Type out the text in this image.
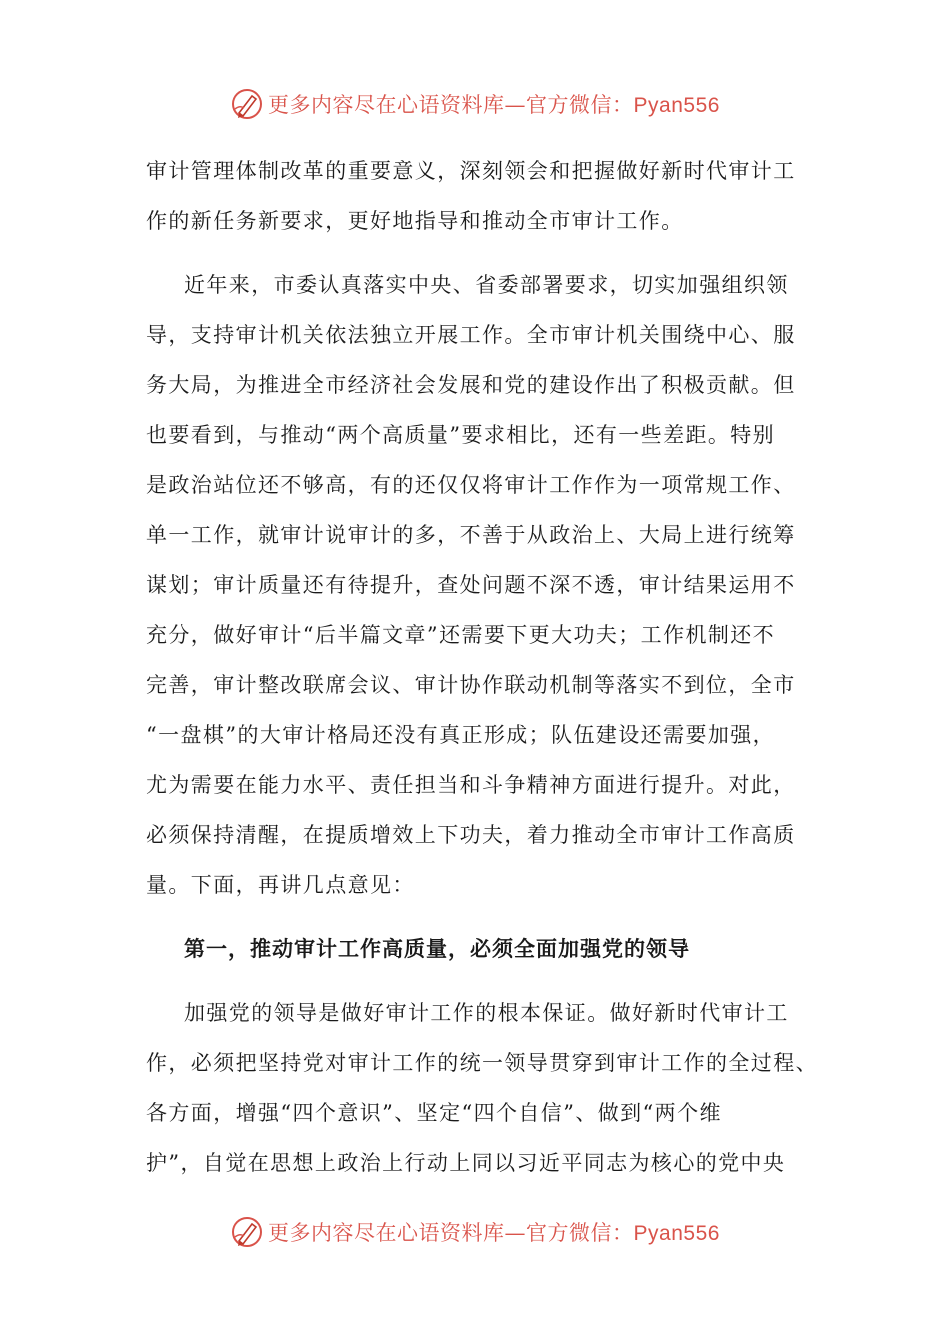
更多内容尽在心语资料库—官方微信：Pyan556
审计管理体制改革的重要意义，深刻领会和把握做好新时代审计工
作的新任务新要求，更好地指导和推动全市审计工作。
近年来，市委认真落实中央、省委部署要求，切实加强组织领
导，支持审计机关依法独立开展工作。全市审计机关围绕中心、服
务大局，为推进全市经济社会发展和党的建设作出了积极贡献。但
也要看到，与推动“两个高质量”要求相比，还有一些差距。特别
是政治站位还不够高，有的还仅仅将审计工作作为一项常规工作、
单一工作，就审计说审计的多，不善于从政治上、大局上进行统筹
谋划；审计质量还有待提升，查处问题不深不透，审计结果运用不
充分，做好审计“后半篇文章”还需要下更大功夫；工作机制还不
完善，审计整改联席会议、审计协作联动机制等落实不到位，全市
“一盘棋”的大审计格局还没有真正形成；队伍建设还需要加强，
尤为需要在能力水平、责任担当和斗争精神方面进行提升。对此，
必须保持清醒，在提质增效上下功夫，着力推动全市审计工作高质
量。下面，再讲几点意见：
第一，推动审计工作高质量，必须全面加强党的领导
加强党的领导是做好审计工作的根本保证。做好新时代审计工
作，必须把坚持党对审计工作的统一领导贯穿到审计工作的全过程、
各方面，增强“四个意识”、坚定“四个自信”、做到“两个维
护”，自觉在思想上政治上行动上同以习近平同志为核心的党中央
更多内容尽在心语资料库—官方微信：Pyan556
